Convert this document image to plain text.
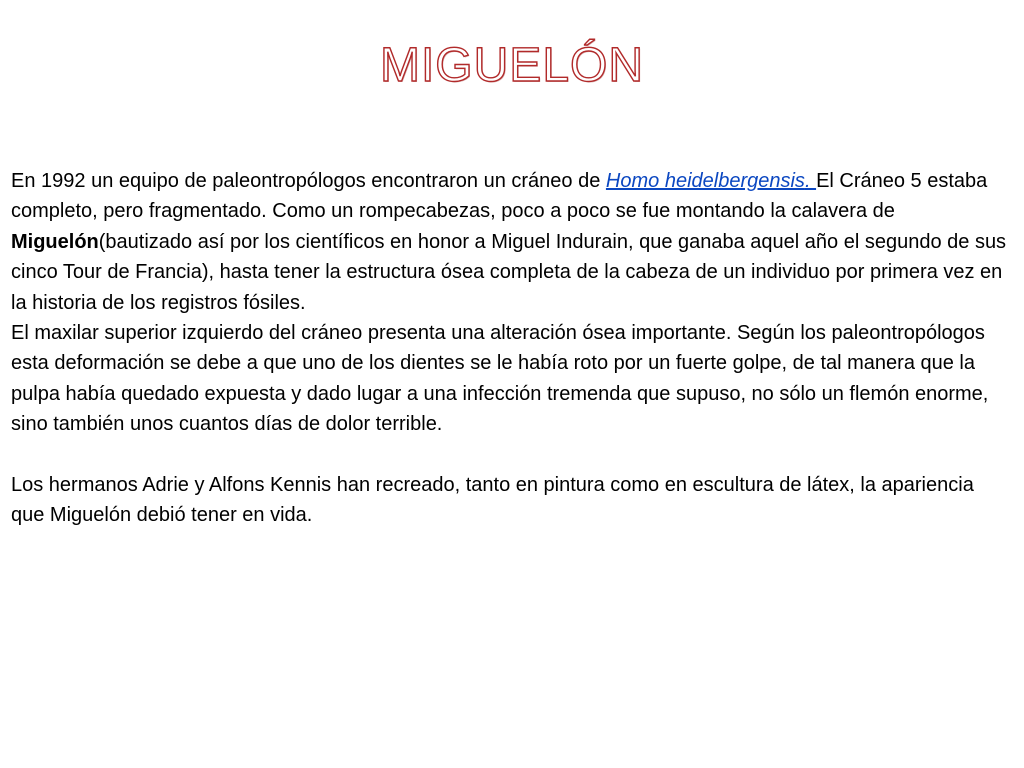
MIGUELÓN

En 1992 un equipo de paleontropólogos encontraron un cráneo de Homo heidelbergensis. El Cráneo 5 estaba completo, pero fragmentado. Como un rompecabezas, poco a poco se fue montando la calavera de Miguelón(bautizado así por los científicos en honor a Miguel Indurain, que ganaba aquel año el segundo de sus cinco Tour de Francia), hasta tener la estructura ósea completa de la cabeza de un individuo por primera vez en la historia de los registros fósiles.

El maxilar superior izquierdo del cráneo presenta una alteración ósea importante. Según los paleontropólogos esta deformación se debe a que uno de los dientes se le había roto por un fuerte golpe, de tal manera que la pulpa había quedado expuesta y dado lugar a una infección tremenda que supuso, no sólo un flemón enorme, sino también unos cuantos días de dolor terrible.

Los hermanos Adrie y Alfons Kennis han recreado, tanto en pintura como en escultura de látex, la apariencia que Miguelón debió tener en vida.
